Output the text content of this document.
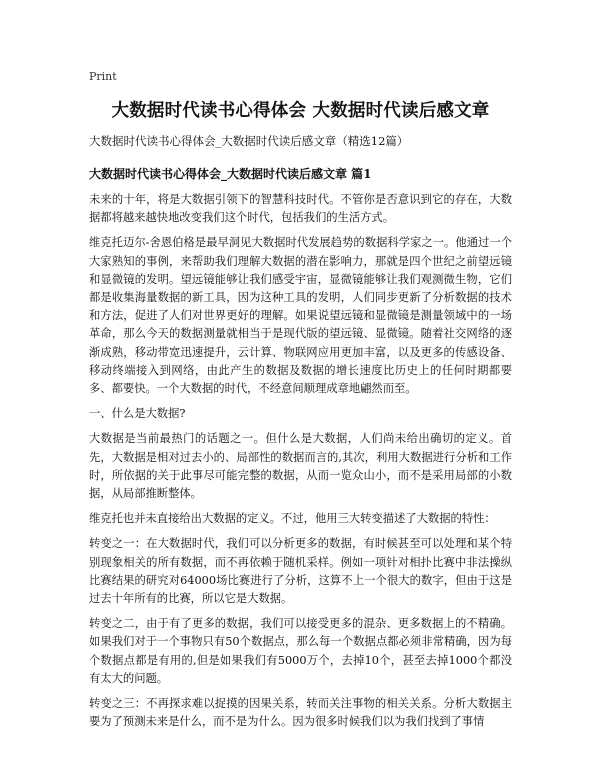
Print
大数据时代读书心得体会 大数据时代读后感文章
大数据时代读书心得体会_大数据时代读后感文章（精选12篇）
大数据时代读书心得体会_大数据时代读后感文章 篇1

未来的十年，将是大数据引领下的智慧科技时代。不管你是否意识到它的存在，大数据都将越来越快地改变我们这个时代，包括我们的生活方式。

维克托迈尔-舍恩伯格是最早洞见大数据时代发展趋势的数据科学家之一。他通过一个大家熟知的事例，来帮助我们理解大数据的潜在影响力，那就是四个世纪之前望远镜和显微镜的发明。望远镜能够让我们感受宇宙，显微镜能够让我们观测微生物，它们都是收集海量数据的新工具，因为这种工具的发明，人们同步更新了分析数据的技术和方法，促进了人们对世界更好的理解。如果说望远镜和显微镜是测量领域中的一场革命，那么今天的数据测量就相当于是现代版的望远镜、显微镜。随着社交网络的逐渐成熟，移动带宽迅速提升，云计算、物联网应用更加丰富，以及更多的传感设备、移动终端接入到网络，由此产生的数据及数据的增长速度比历史上的任何时期都要多、都要快。一个大数据的时代，不经意间顺理成章地翩然而至。

一、什么是大数据?

大数据是当前最热门的话题之一。但什么是大数据，人们尚未给出确切的定义。首先，大数据是相对过去小的、局部性的数据而言的,其次，利用大数据进行分析和工作时，所依据的关于此事尽可能完整的数据，从而一览众山小，而不是采用局部的小数据，从局部推断整体。

维克托也并未直接给出大数据的定义。不过，他用三大转变描述了大数据的特性：

转变之一：在大数据时代，我们可以分析更多的数据，有时候甚至可以处理和某个特别现象相关的所有数据，而不再依赖于随机采样。例如一项针对相扑比赛中非法操纵比赛结果的研究对64000场比赛进行了分析，这算不上一个很大的数字，但由于这是过去十年所有的比赛，所以它是大数据。

转变之二，由于有了更多的数据，我们可以接受更多的混杂、更多数据上的不精确。如果我们对于一个事物只有50个数据点，那么每一个数据点都必须非常精确，因为每个数据点都是有用的,但是如果我们有5000万个，去掉10个，甚至去掉1000个都没有太大的问题。

转变之三：不再探求难以捉摸的因果关系，转而关注事物的相关关系。分析大数据主要为了预测未来是什么，而不是为什么。因为很多时候我们以为我们找到了事情
